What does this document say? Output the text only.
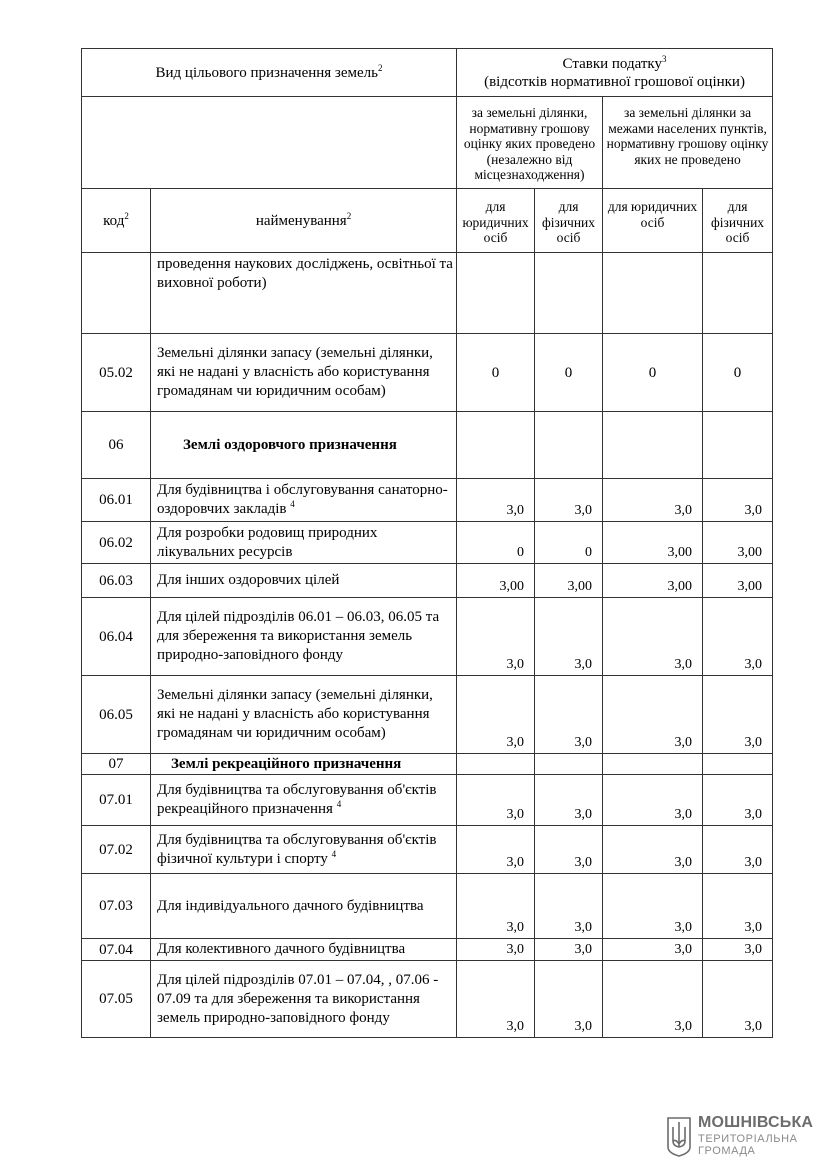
Вид цільового призначення земель$^2$		Ставки податку$^3$
(відсотків нормативної грошової оцінки)			
		за земельні ділянки, нормативну грошову оцінку яких проведено (незалежно від місцезнаходження)		за земельні ділянки за межами населених пунктів, нормативну грошову оцінку яких не проведено	
код$^2$	найменування$^2$	для юридичних осіб	для фізичних осіб	для юридичних осіб	для фізичних осіб
	проведення наукових досліджень, освітньої та виховної роботи)				
05.02	Земельні ділянки запасу (земельні ділянки, які не надані у власність або користування громадянам чи юридичним особам)	0	0	0	0
06	Землі оздоровчого призначення				
06.01	Для будівництва і обслуговування санаторно-оздоровчих закладів $^4$	3,0	3,0	3,0	3,0
06.02	Для розробки родовищ природних лікувальних ресурсів	0	0	3,00	3,00
06.03	Для інших оздоровчих цілей	3,00	3,00	3,00	3,00
06.04	Для цілей підрозділів 06.01 – 06.03, 06.05 та для збереження та використання земель природно-заповідного фонду	3,0	3,0	3,0	3,0
06.05	Земельні ділянки запасу (земельні ділянки, які не надані у власність або користування громадянам чи юридичним особам)	3,0	3,0	3,0	3,0
07	Землі рекреаційного призначення				
07.01	Для будівництва та обслуговування об'єктів рекреаційного призначення $^4$	3,0	3,0	3,0	3,0
07.02	Для будівництва та обслуговування об'єктів фізичної культури і спорту $^4$	3,0	3,0	3,0	3,0
07.03	Для індивідуального дачного будівництва	3,0	3,0	3,0	3,0
07.04	Для колективного дачного будівництва	3,0	3,0	3,0	3,0
07.05	Для цілей підрозділів 07.01 – 07.04, , 07.06 - 07.09 та для збереження та використання земель природно-заповідного фонду	3,0	3,0	3,0	3,0
МОШНІВСЬКА
ТЕРИТОРІАЛЬНА
ГРОМАДА
